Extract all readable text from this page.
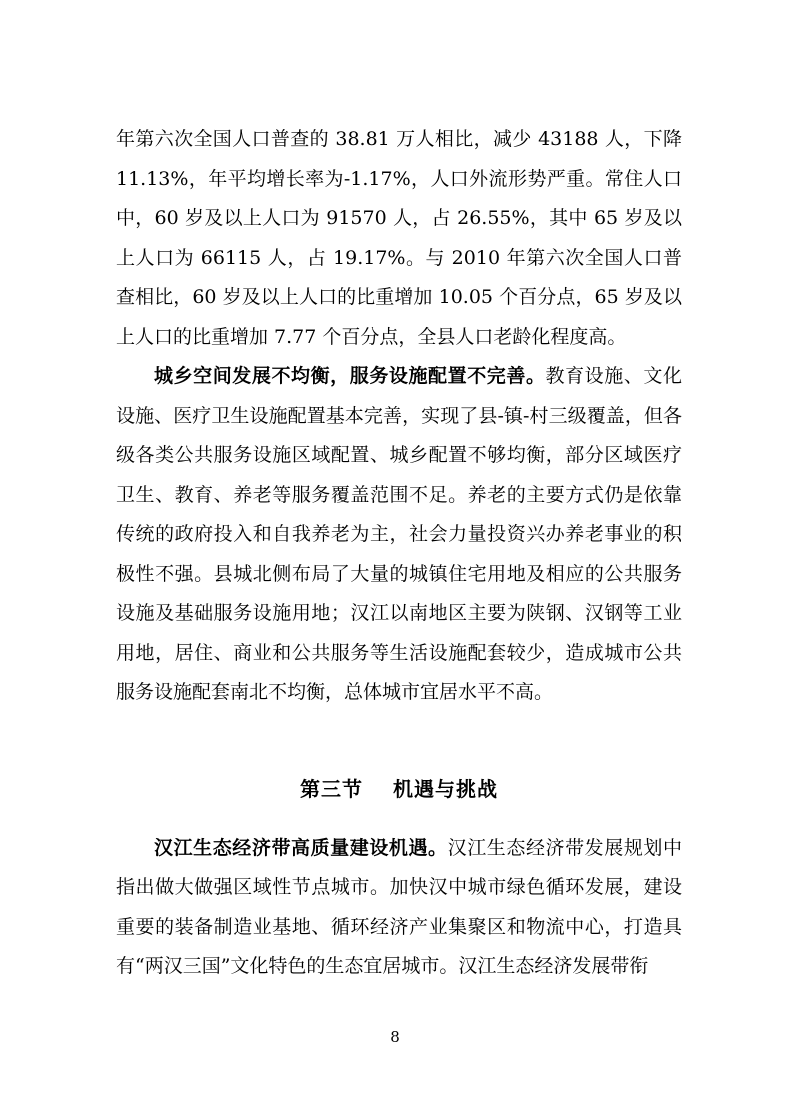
年第六次全国人口普查的 38.81 万人相比，减少 43188 人，下降 11.13%，年平均增长率为-1.17%，人口外流形势严重。常住人口中，60 岁及以上人口为 91570 人，占 26.55%，其中 65 岁及以上人口为 66115 人，占 19.17%。与 2010 年第六次全国人口普查相比，60 岁及以上人口的比重增加 10.05 个百分点，65 岁及以上人口的比重增加 7.77 个百分点，全县人口老龄化程度高。

城乡空间发展不均衡，服务设施配置不完善。教育设施、文化设施、医疗卫生设施配置基本完善，实现了县-镇-村三级覆盖，但各级各类公共服务设施区域配置、城乡配置不够均衡，部分区域医疗卫生、教育、养老等服务覆盖范围不足。养老的主要方式仍是依靠传统的政府投入和自我养老为主，社会力量投资兴办养老事业的积极性不强。县城北侧布局了大量的城镇住宅用地及相应的公共服务设施及基础服务设施用地；汉江以南地区主要为陕钢、汉钢等工业用地，居住、商业和公共服务等生活设施配套较少，造成城市公共服务设施配套南北不均衡，总体城市宜居水平不高。

第三节 机遇与挑战

汉江生态经济带高质量建设机遇。汉江生态经济带发展规划中指出做大做强区域性节点城市。加快汉中城市绿色循环发展，建设重要的装备制造业基地、循环经济产业集聚区和物流中心，打造具有“两汉三国”文化特色的生态宜居城市。汉江生态经济发展带衔

8
